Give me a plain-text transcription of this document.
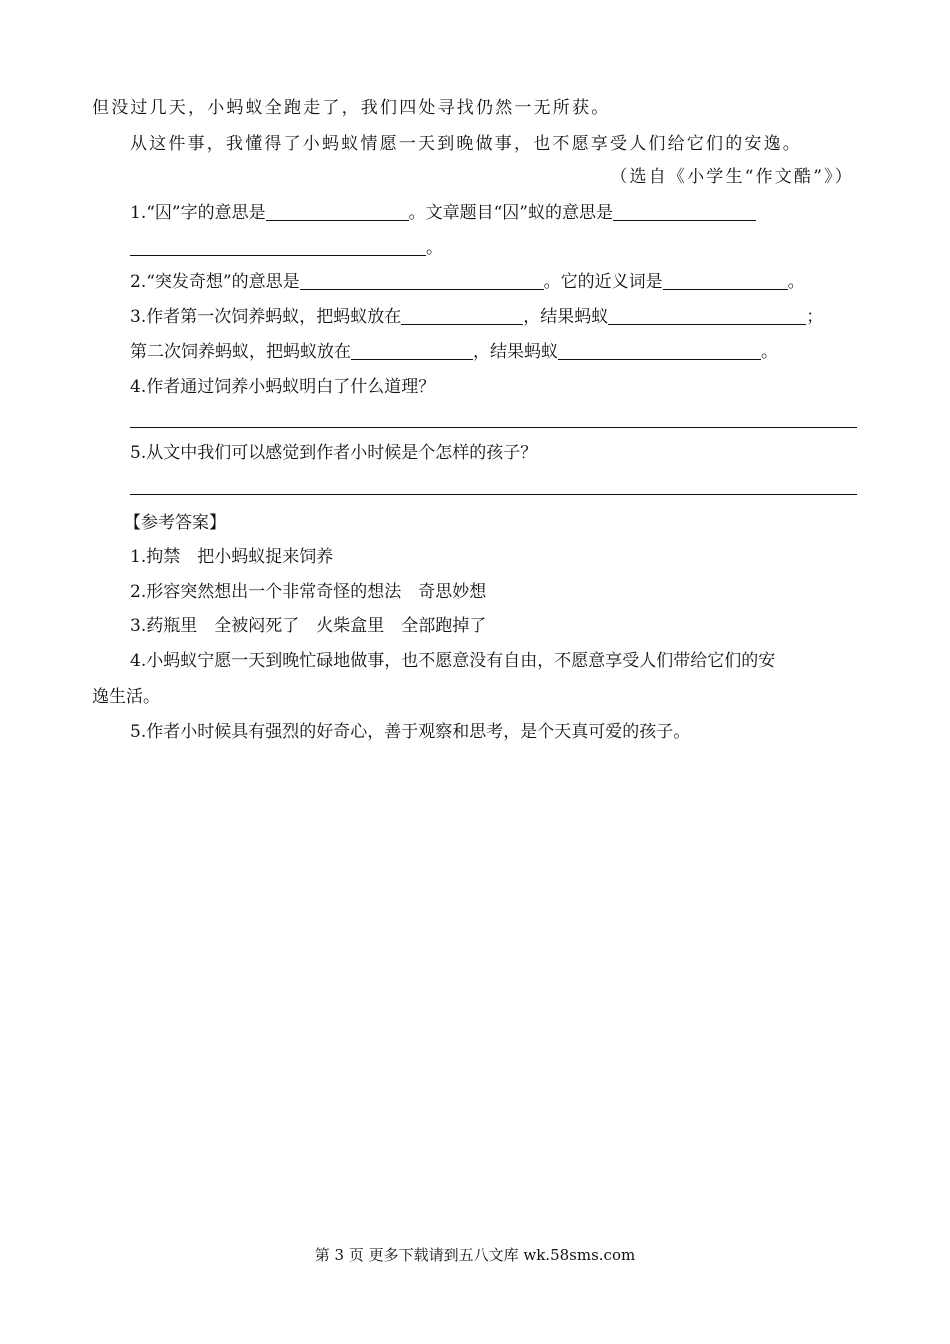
但没过几天，小蚂蚁全跑走了，我们四处寻找仍然一无所获。
从这件事，我懂得了小蚂蚁情愿一天到晚做事，也不愿享受人们给它们的安逸。
（选自《小学生“作文酷”》）
1.“囚”字的意思是	。文章题目“囚”蚁的意思是
。
2.“突发奇想”的意思是	。它的近义词是	。
3.作者第一次饲养蚂蚁，把蚂蚁放在	，结果蚂蚁	；
第二次饲养蚂蚁，把蚂蚁放在	，结果蚂蚁	。
4.作者通过饲养小蚂蚁明白了什么道理？
5.从文中我们可以感觉到作者小时候是个怎样的孩子？
【参考答案】
1.拘禁　把小蚂蚁捉来饲养
2.形容突然想出一个非常奇怪的想法　奇思妙想
3.药瓶里　全被闷死了　火柴盒里　全部跑掉了
4.小蚂蚁宁愿一天到晚忙碌地做事，也不愿意没有自由，不愿意享受人们带给它们的安
逸生活。
5.作者小时候具有强烈的好奇心，善于观察和思考，是个天真可爱的孩子。
第 3 页 更多下载请到五八文库 wk.58sms.com
